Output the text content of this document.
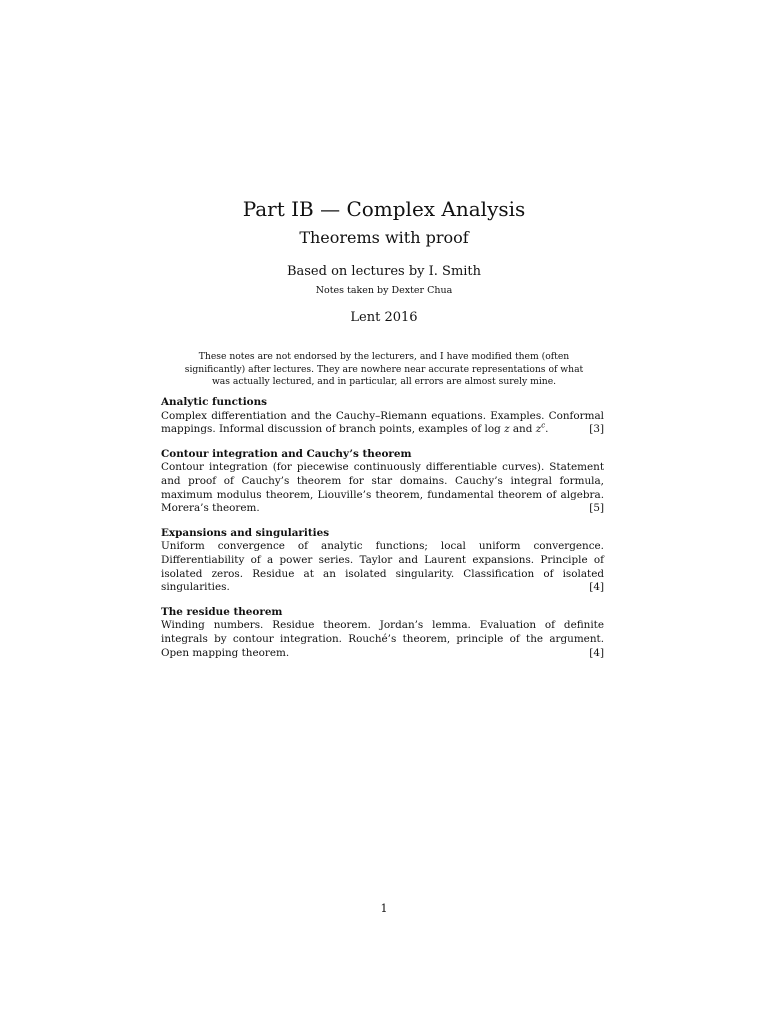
Part IB — Complex Analysis
Theorems with proof
Based on lectures by I. Smith
Notes taken by Dexter Chua
Lent 2016
These notes are not endorsed by the lecturers, and I have modified them (often significantly) after lectures. They are nowhere near accurate representations of what was actually lectured, and in particular, all errors are almost surely mine.

Analytic functions

Complex differentiation and the Cauchy–Riemann equations. Examples. Conformal mappings. Informal discussion of branch points, examples of log z and $z^c$.	[3]

Contour integration and Cauchy’s theorem

Contour integration (for piecewise continuously differentiable curves). Statement and proof of Cauchy’s theorem for star domains. Cauchy’s integral formula, maximum modulus theorem, Liouville’s theorem, fundamental theorem of algebra. Morera’s theorem.	[5]

Expansions and singularities

Uniform convergence of analytic functions; local uniform convergence. Differentiability of a power series. Taylor and Laurent expansions. Principle of isolated zeros. Residue at an isolated singularity. Classification of isolated singularities.	[4]

The residue theorem

Winding numbers. Residue theorem. Jordan’s lemma. Evaluation of definite integrals by contour integration. Rouché’s theorem, principle of the argument. Open mapping theorem.	[4]

1
